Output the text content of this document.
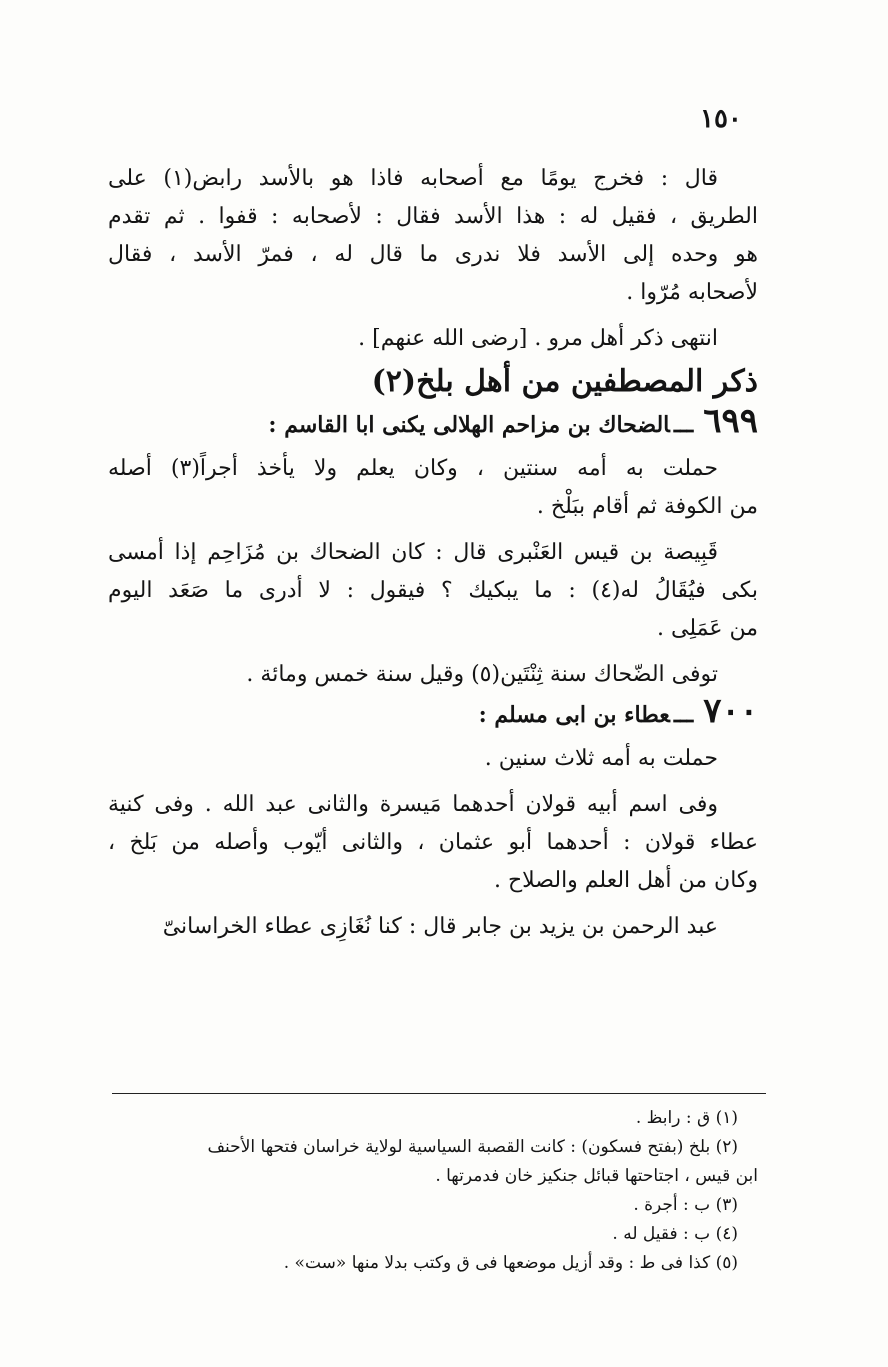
١٥٠

قال : فخرج يومًا مع أصحابه فاذا هو بالأسد رابض(١) على

الطريق ، فقيل له : هذا الأسد فقال : لأصحابه : قفوا . ثم تقدم

هو وحده إلى الأسد فلا ندرى ما قال له ، فمرّ الأسد ، فقال

لأصحابه مُرّوا .

انتهى ذكر أهل مرو . [رضى الله عنهم] .

ذكر المصطفين من أهل بلخ(٢)

٦٩٩ـــالضحاك بن مزاحم الهلالى يكنى ابا القاسم :

حملت به أمه سنتين ، وكان يعلم ولا يأخذ أجراً(٣) أصله

من الكوفة ثم أقام ببَلْخ .

قَبِيصة بن قيس العَنْبرى قال : كان الضحاك بن مُزَاحِم إذا أمسى

بكى فيُقَالُ له(٤) : ما يبكيك ؟ فيقول : لا أدرى ما صَعَد اليوم

من عَمَلِى .

توفى الضّحاك سنة ثِنْتَين(٥) وقيل سنة خمس ومائة .

٧٠٠ـــعطاء بن ابى مسلم :

حملت به أمه ثلاث سنين .

وفى اسم أبيه قولان أحدهما مَيسرة والثانى عبد الله . وفى كنية

عطاء قولان : أحدهما أبو عثمان ، والثانى أيّوب وأصله من بَلخ ،

وكان من أهل العلم والصلاح .

عبد الرحمن بن يزيد بن جابر قال : كنا نُغَازِى عطاء الخراسانىّ

(١) ق : رابظ .

(٢) بلخ (بفتح فسكون) : كانت القصبة السياسية لولاية خراسان فتحها الأحنف

ابن قيس ، اجتاحتها قبائل جنكيز خان فدمرتها .

(٣) ب : أجرة .

(٤) ب : فقيل له .

(٥) كذا فى ط : وقد أزيل موضعها فى ق وكتب بدلا منها «ست» .
